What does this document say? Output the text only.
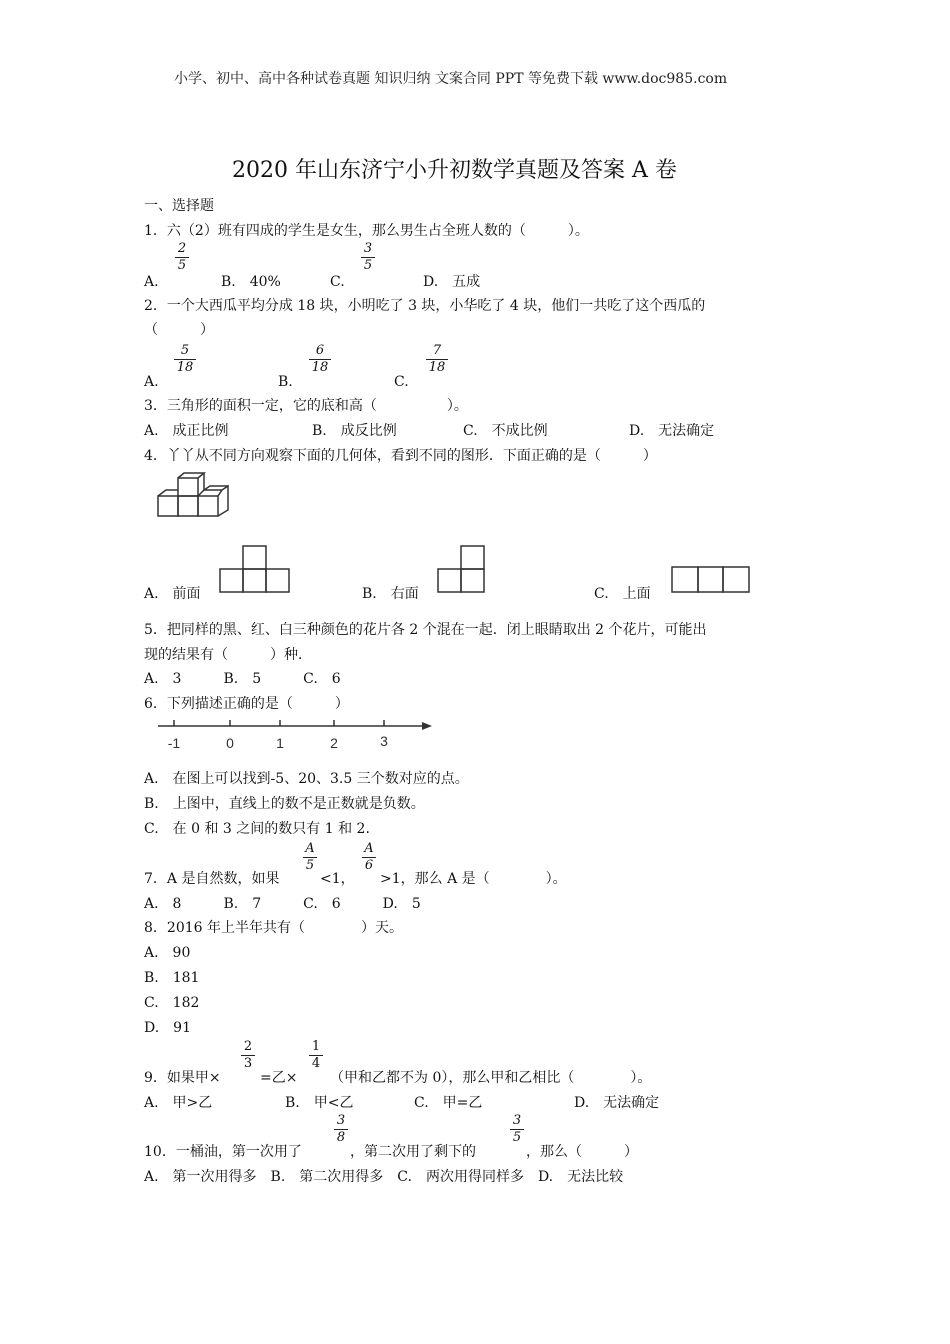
小学、初中、高中各种试卷真题 知识归纳 文案合同 PPT 等免费下载 www.doc985.com
2020 年山东济宁小升初数学真题及答案 A 卷
一、选择题
1．六（2）班有四成的学生是女生，那么男生占全班人数的（　　　）。
A.
2
5
B.　40%	C.
3
5
D.　五成
2．一个大西瓜平均分成 18 块，小明吃了 3 块，小华吃了 4 块，他们一共吃了这个西瓜的
（　　　）
A.
5
18
B.
6
18
C.
7
18
3．三角形的面积一定，它的底和高（　　　　　）。
A.　成正比例	B.　成反比例	C.　不成比例	D.　无法确定
4．丫丫从不同方向观察下面的几何体，看到不同的图形．下面正确的是（　　　）
A.　前面	B.　右面	C.　上面
5．把同样的黑、红、白三种颜色的花片各 2 个混在一起．闭上眼睛取出 2 个花片，可能出
现的结果有（　　　）种．
A.　3　　　B.　5　　　C.　6
6．下列描述正确的是（　　　）
-1	0	1	2	3
A.　在图上可以找到-5、20、3.5 三个数对应的点。
B.　上图中，直线上的数不是正数就是负数。
C.　在 0 和 3 之间的数只有 1 和 2.
7．A 是自然数，如果
A
5
<1，
A
6
>1，那么 A 是（　　　　）。
A.　8　　　B.　7　　　C.　6　　　D.　5
8．2016 年上半年共有（　　　　）天。
A.　90
B.　181
C.　182
D.　91
9．如果甲×
2
3
=乙×
1
4
（甲和乙都不为 0），那么甲和乙相比（　　　　）。
A.　甲>乙	B.　甲<乙	C.　甲=乙	D.　无法确定
10．一桶油，第一次用了
3
8
，第二次用了剩下的
3
5
，那么（　　　）
A.　第一次用得多　B.　第二次用得多　C.　两次用得同样多　D.　无法比较
